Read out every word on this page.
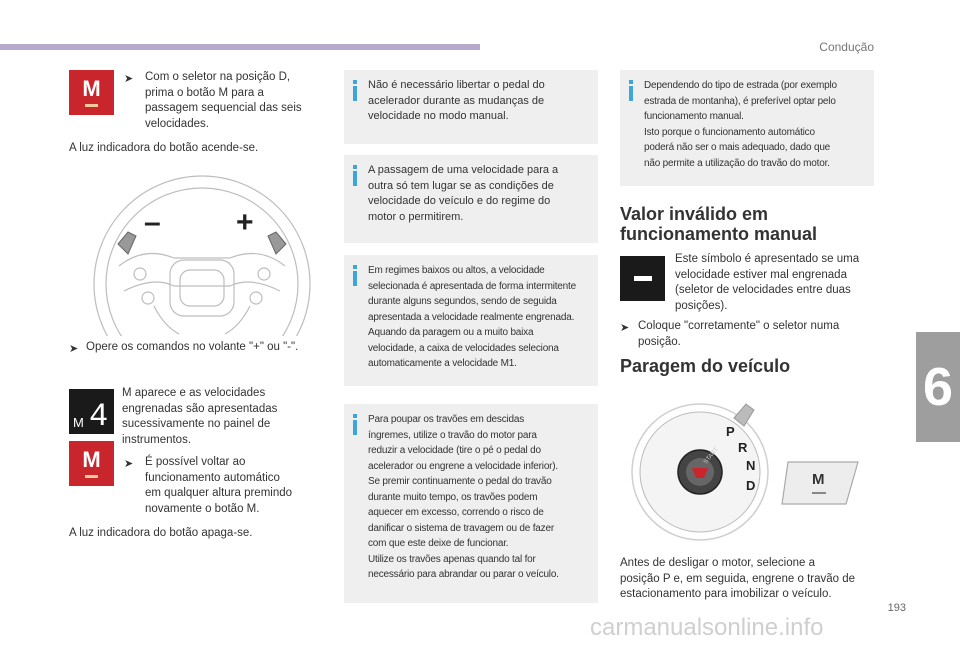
Condução
6
193
carmanualsonline.info
M ➤ Com o seletor na posição D,
prima o botão M para a
passagem sequencial das seis
velocidades.
A luz indicadora do botão acende-se.
–	+
➤ Opere os comandos no volante "+" ou "-".
M 4
M aparece e as velocidades
engrenadas são apresentadas
sucessivamente no painel de
instrumentos.
M ➤ É possível voltar ao
funcionamento automático
em qualquer altura premindo
novamente o botão M.
A luz indicadora do botão apaga-se.
Não é necessário libertar o pedal do
acelerador durante as mudanças de
velocidade no modo manual.
A passagem de uma velocidade para a
outra só tem lugar se as condições de
velocidade do veículo e do regime do
motor o permitirem.
Em regimes baixos ou altos, a velocidade
selecionada é apresentada de forma intermitente
durante alguns segundos, sendo de seguida
apresentada a velocidade realmente engrenada.
Aquando da paragem ou a muito baixa
velocidade, a caixa de velocidades seleciona
automaticamente a velocidade M1.
Para poupar os travões em descidas
íngremes, utilize o travão do motor para
reduzir a velocidade (tire o pé o pedal do
acelerador ou engrene a velocidade inferior).
Se premir continuamente o pedal do travão
durante muito tempo, os travões podem
aquecer em excesso, correndo o risco de
danificar o sistema de travagem ou de fazer
com que este deixe de funcionar.
Utilize os travões apenas quando tal for
necessário para abrandar ou parar o veículo.
Dependendo do tipo de estrada (por exemplo
estrada de montanha), é preferível optar pelo
funcionamento manual.
Isto porque o funcionamento automático
poderá não ser o mais adequado, dado que
não permite a utilização do travão do motor.
Valor inválido em
funcionamento manual
Este símbolo é apresentado se uma
velocidade estiver mal engrenada
(seletor de velocidades entre duas
posições).
➤ Coloque "corretamente" o seletor numa
posição.
Paragem do veículo
START
P
R
N
D	M
Antes de desligar o motor, selecione a
posição P e, em seguida, engrene o travão de
estacionamento para imobilizar o veículo.
